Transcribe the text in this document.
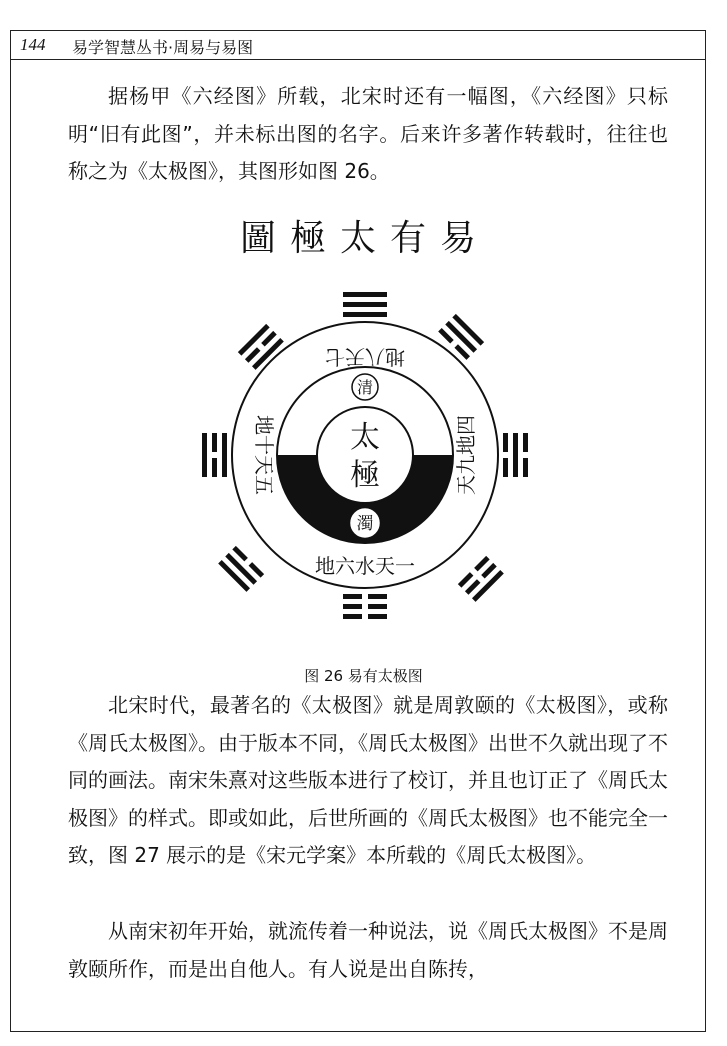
144 易学智慧丛书·周易与易图
据杨甲《六经图》所载，北宋时还有一幅图，《六经图》只标明“旧有此图”，并未标出图的名字。后来许多著作转载时，往往也称之为《太极图》，其图形如图 26。
圖極太有易
太
極
清
濁
地八天七
地十天五	天九地四
地六水天一
图 26 易有太极图
北宋时代，最著名的《太极图》就是周敦颐的《太极图》，或称《周氏太极图》。由于版本不同，《周氏太极图》出世不久就出现了不同的画法。南宋朱熹对这些版本进行了校订，并且也订正了《周氏太极图》的样式。即或如此，后世所画的《周氏太极图》也不能完全一致，图 27 展示的是《宋元学案》本所载的《周氏太极图》。
从南宋初年开始，就流传着一种说法，说《周氏太极图》不是周敦颐所作，而是出自他人。有人说是出自陈抟，
